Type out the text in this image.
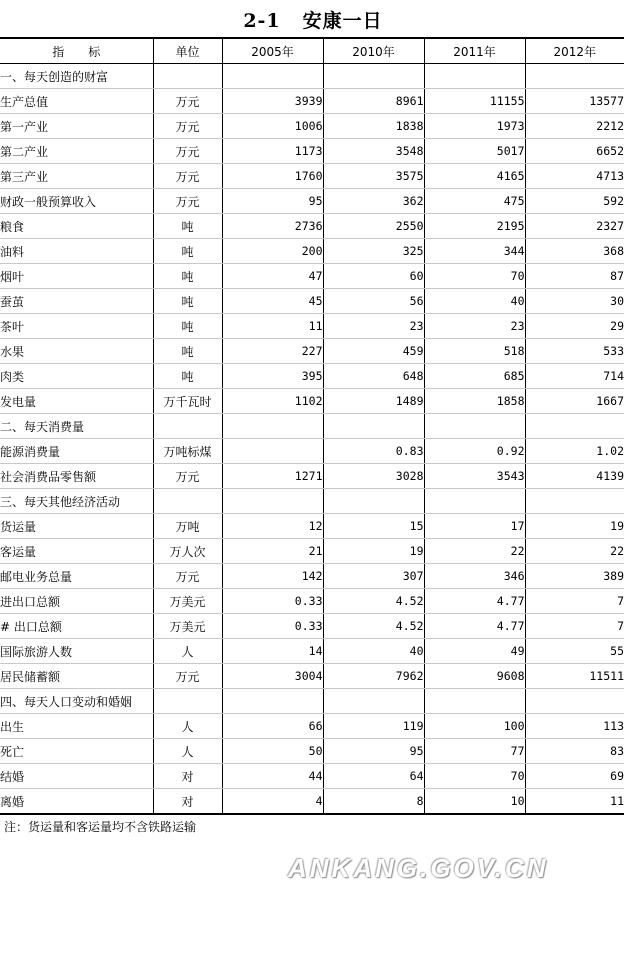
2-1 安康一日
指　　标	单位	2005年	2010年	2011年	2012年
一、每天创造的财富					
生产总值	万元	3939	8961	11155	13577
第一产业	万元	1006	1838	1973	2212
第二产业	万元	1173	3548	5017	6652
第三产业	万元	1760	3575	4165	4713
财政一般预算收入	万元	95	362	475	592
粮食	吨	2736	2550	2195	2327
油料	吨	200	325	344	368
烟叶	吨	47	60	70	87
蚕茧	吨	45	56	40	30
茶叶	吨	11	23	23	29
水果	吨	227	459	518	533
肉类	吨	395	648	685	714
发电量	万千瓦时	1102	1489	1858	1667
二、每天消费量					
能源消费量	万吨标煤		0.83	0.92	1.02
社会消费品零售额	万元	1271	3028	3543	4139
三、每天其他经济活动					
货运量	万吨	12	15	17	19
客运量	万人次	21	19	22	22
邮电业务总量	万元	142	307	346	389
进出口总额	万美元	0.33	4.52	4.77	7
# 出口总额	万美元	0.33	4.52	4.77	7
国际旅游人数	人	14	40	49	55
居民储蓄额	万元	3004	7962	9608	11511
四、每天人口变动和婚姻					
出生	人	66	119	100	113
死亡	人	50	95	77	83
结婚	对	44	64	70	69
离婚	对	4	8	10	11
注：货运量和客运量均不含铁路运输
ANKANG.GOV.CN
